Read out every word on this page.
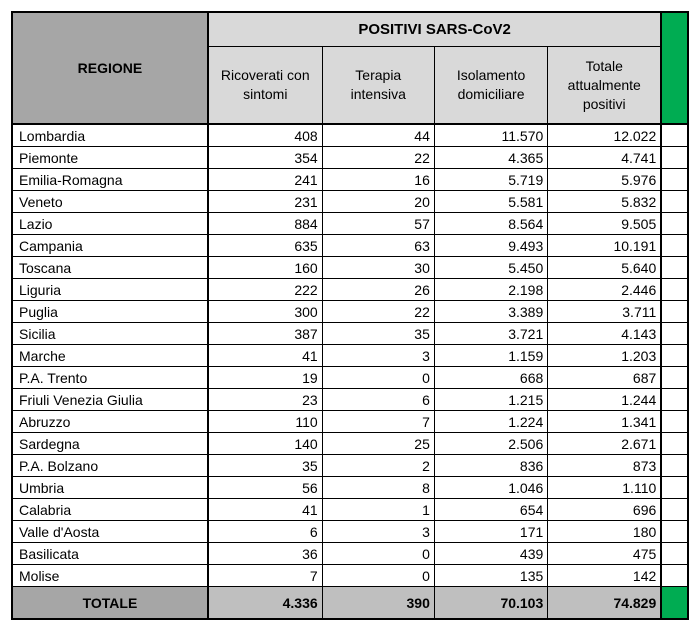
REGIONE	POSITIVI SARS-CoV2				
	Ricoverati con sintomi	Terapia intensiva	Isolamento domiciliare	Totale attualmente positivi	
Lombardia	408	44	11.570	12.022	
Piemonte	354	22	4.365	4.741	
Emilia-Romagna	241	16	5.719	5.976	
Veneto	231	20	5.581	5.832	
Lazio	884	57	8.564	9.505	
Campania	635	63	9.493	10.191	
Toscana	160	30	5.450	5.640	
Liguria	222	26	2.198	2.446	
Puglia	300	22	3.389	3.711	
Sicilia	387	35	3.721	4.143	
Marche	41	3	1.159	1.203	
P.A. Trento	19	0	668	687	
Friuli Venezia Giulia	23	6	1.215	1.244	
Abruzzo	110	7	1.224	1.341	
Sardegna	140	25	2.506	2.671	
P.A. Bolzano	35	2	836	873	
Umbria	56	8	1.046	1.110	
Calabria	41	1	654	696	
Valle d'Aosta	6	3	171	180	
Basilicata	36	0	439	475	
Molise	7	0	135	142	
TOTALE	4.336	390	70.103	74.829	
